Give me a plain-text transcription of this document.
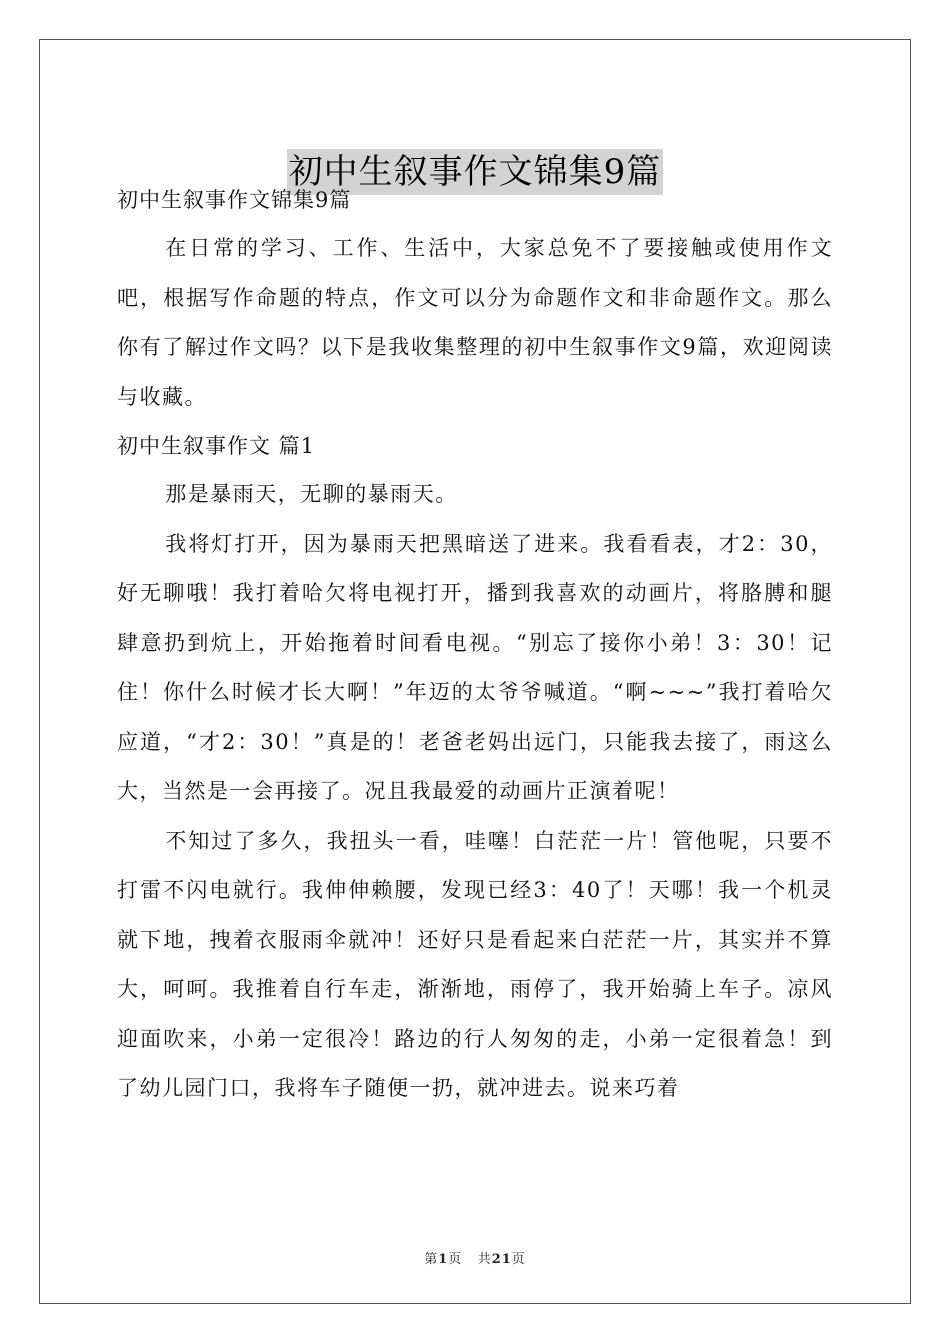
初中生叙事作文锦集9篇

初中生叙事作文锦集9篇

在日常的学习、工作、生活中，大家总免不了要接触或使用作文吧，根据写作命题的特点，作文可以分为命题作文和非命题作文。那么你有了解过作文吗？以下是我收集整理的初中生叙事作文9篇，欢迎阅读与收藏。

初中生叙事作文 篇1

那是暴雨天，无聊的暴雨天。

我将灯打开，因为暴雨天把黑暗送了进来。我看看表，才2：30，好无聊哦！我打着哈欠将电视打开，播到我喜欢的动画片，将胳膊和腿肆意扔到炕上，开始拖着时间看电视。“别忘了接你小弟！3：30！记住！你什么时候才长大啊！”年迈的太爷爷喊道。“啊~~~”我打着哈欠应道，“才2：30！”真是的！老爸老妈出远门，只能我去接了，雨这么大，当然是一会再接了。况且我最爱的动画片正演着呢！

不知过了多久，我扭头一看，哇噻！白茫茫一片！管他呢，只要不打雷不闪电就行。我伸伸赖腰，发现已经3：40了！天哪！我一个机灵就下地，拽着衣服雨伞就冲！还好只是看起来白茫茫一片，其实并不算大，呵呵。我推着自行车走，渐渐地，雨停了，我开始骑上车子。凉风迎面吹来，小弟一定很冷！路边的行人匆匆的走，小弟一定很着急！到了幼儿园门口，我将车子随便一扔，就冲进去。说来巧着

第1页 共21页
